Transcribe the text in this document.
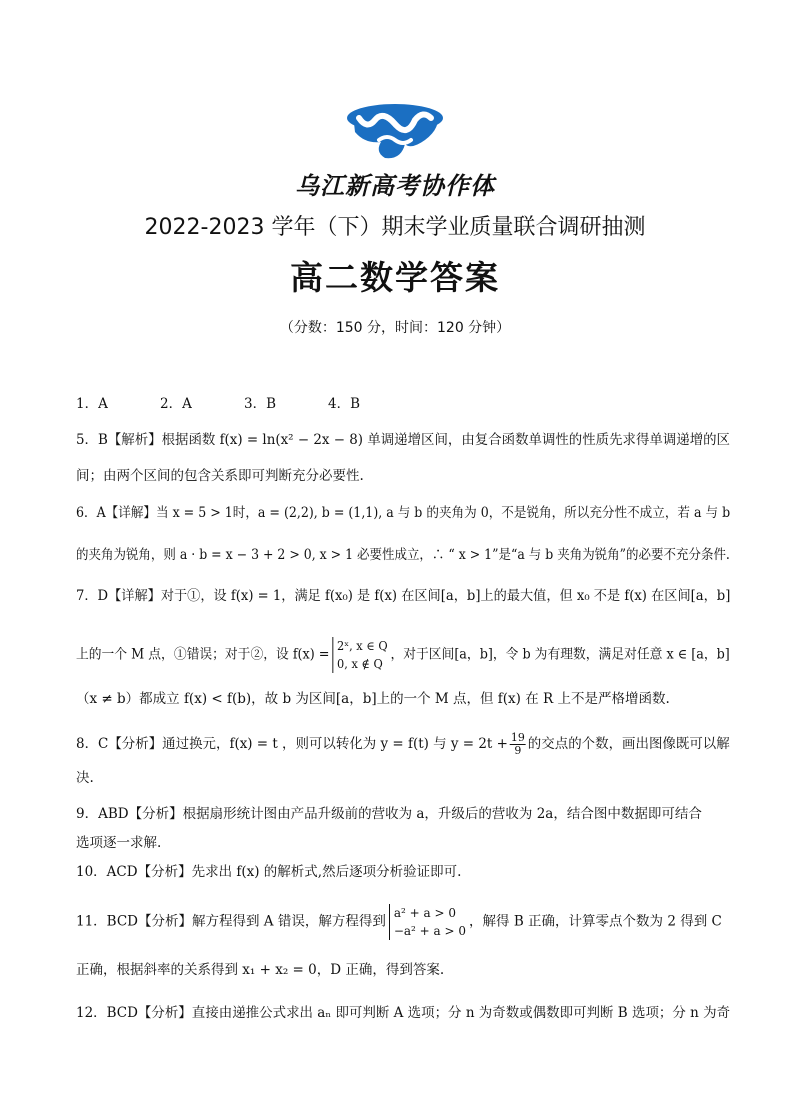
乌江新高考协作体
2022-2023 学年（下）期末学业质量联合调研抽测
高二数学答案
（分数：150 分，时间：120 分钟）
1．A	2．A	3．B	4．B
5．B【解析】根据函数 f(x) = ln(x² − 2x − 8) 单调递增区间，由复合函数单调性的性质先求得单调递增的区
间；由两个区间的包含关系即可判断充分必要性.
6．A【详解】当 x = 5 > 1时，a = (2,2), b = (1,1), a 与 b 的夹角为 0，不是锐角，所以充分性不成立，若 a 与 b
的夹角为锐角，则 a · b = x − 3 + 2 > 0, x > 1 必要性成立，∴ “ x > 1”是“a 与 b 夹角为锐角”的必要不充分条件.
7．D【详解】对于①，设 f(x) = 1，满足 f(x₀) 是 f(x) 在区间[a，b]上的最大值，但 x₀ 不是 f(x) 在区间[a，b]
上的一个 M 点，①错误；对于②，设 f(x) =
2ˣ, x ∈ Q
0, x ∉ Q
，对于区间[a，b]，令 b 为有理数，满足对任意 x ∈ [a，b]
（x ≠ b）都成立 f(x) < f(b)，故 b 为区间[a，b]上的一个 M 点，但 f(x) 在 R 上不是严格增函数.
8．C【分析】通过换元，f(x) = t ，则可以转化为 y = f(t) 与 $y = 2t + \frac{19}{9}$ 的交点的个数，画出图像既可以解
决.
9．ABD【分析】根据扇形统计图由产品升级前的营收为 a，升级后的营收为 2a，结合图中数据即可结合
选项逐一求解.
10．ACD【分析】先求出 f(x) 的解析式,然后逐项分析验证即可.
11．BCD【分析】解方程得到 A 错误，解方程得到
a² + a > 0
−a² + a > 0
，解得 B 正确，计算零点个数为 2 得到 C
正确，根据斜率的关系得到 x₁ + x₂ = 0，D 正确，得到答案.
12．BCD【分析】直接由递推公式求出 aₙ 即可判断 A 选项；分 n 为奇数或偶数即可判断 B 选项；分 n 为奇
